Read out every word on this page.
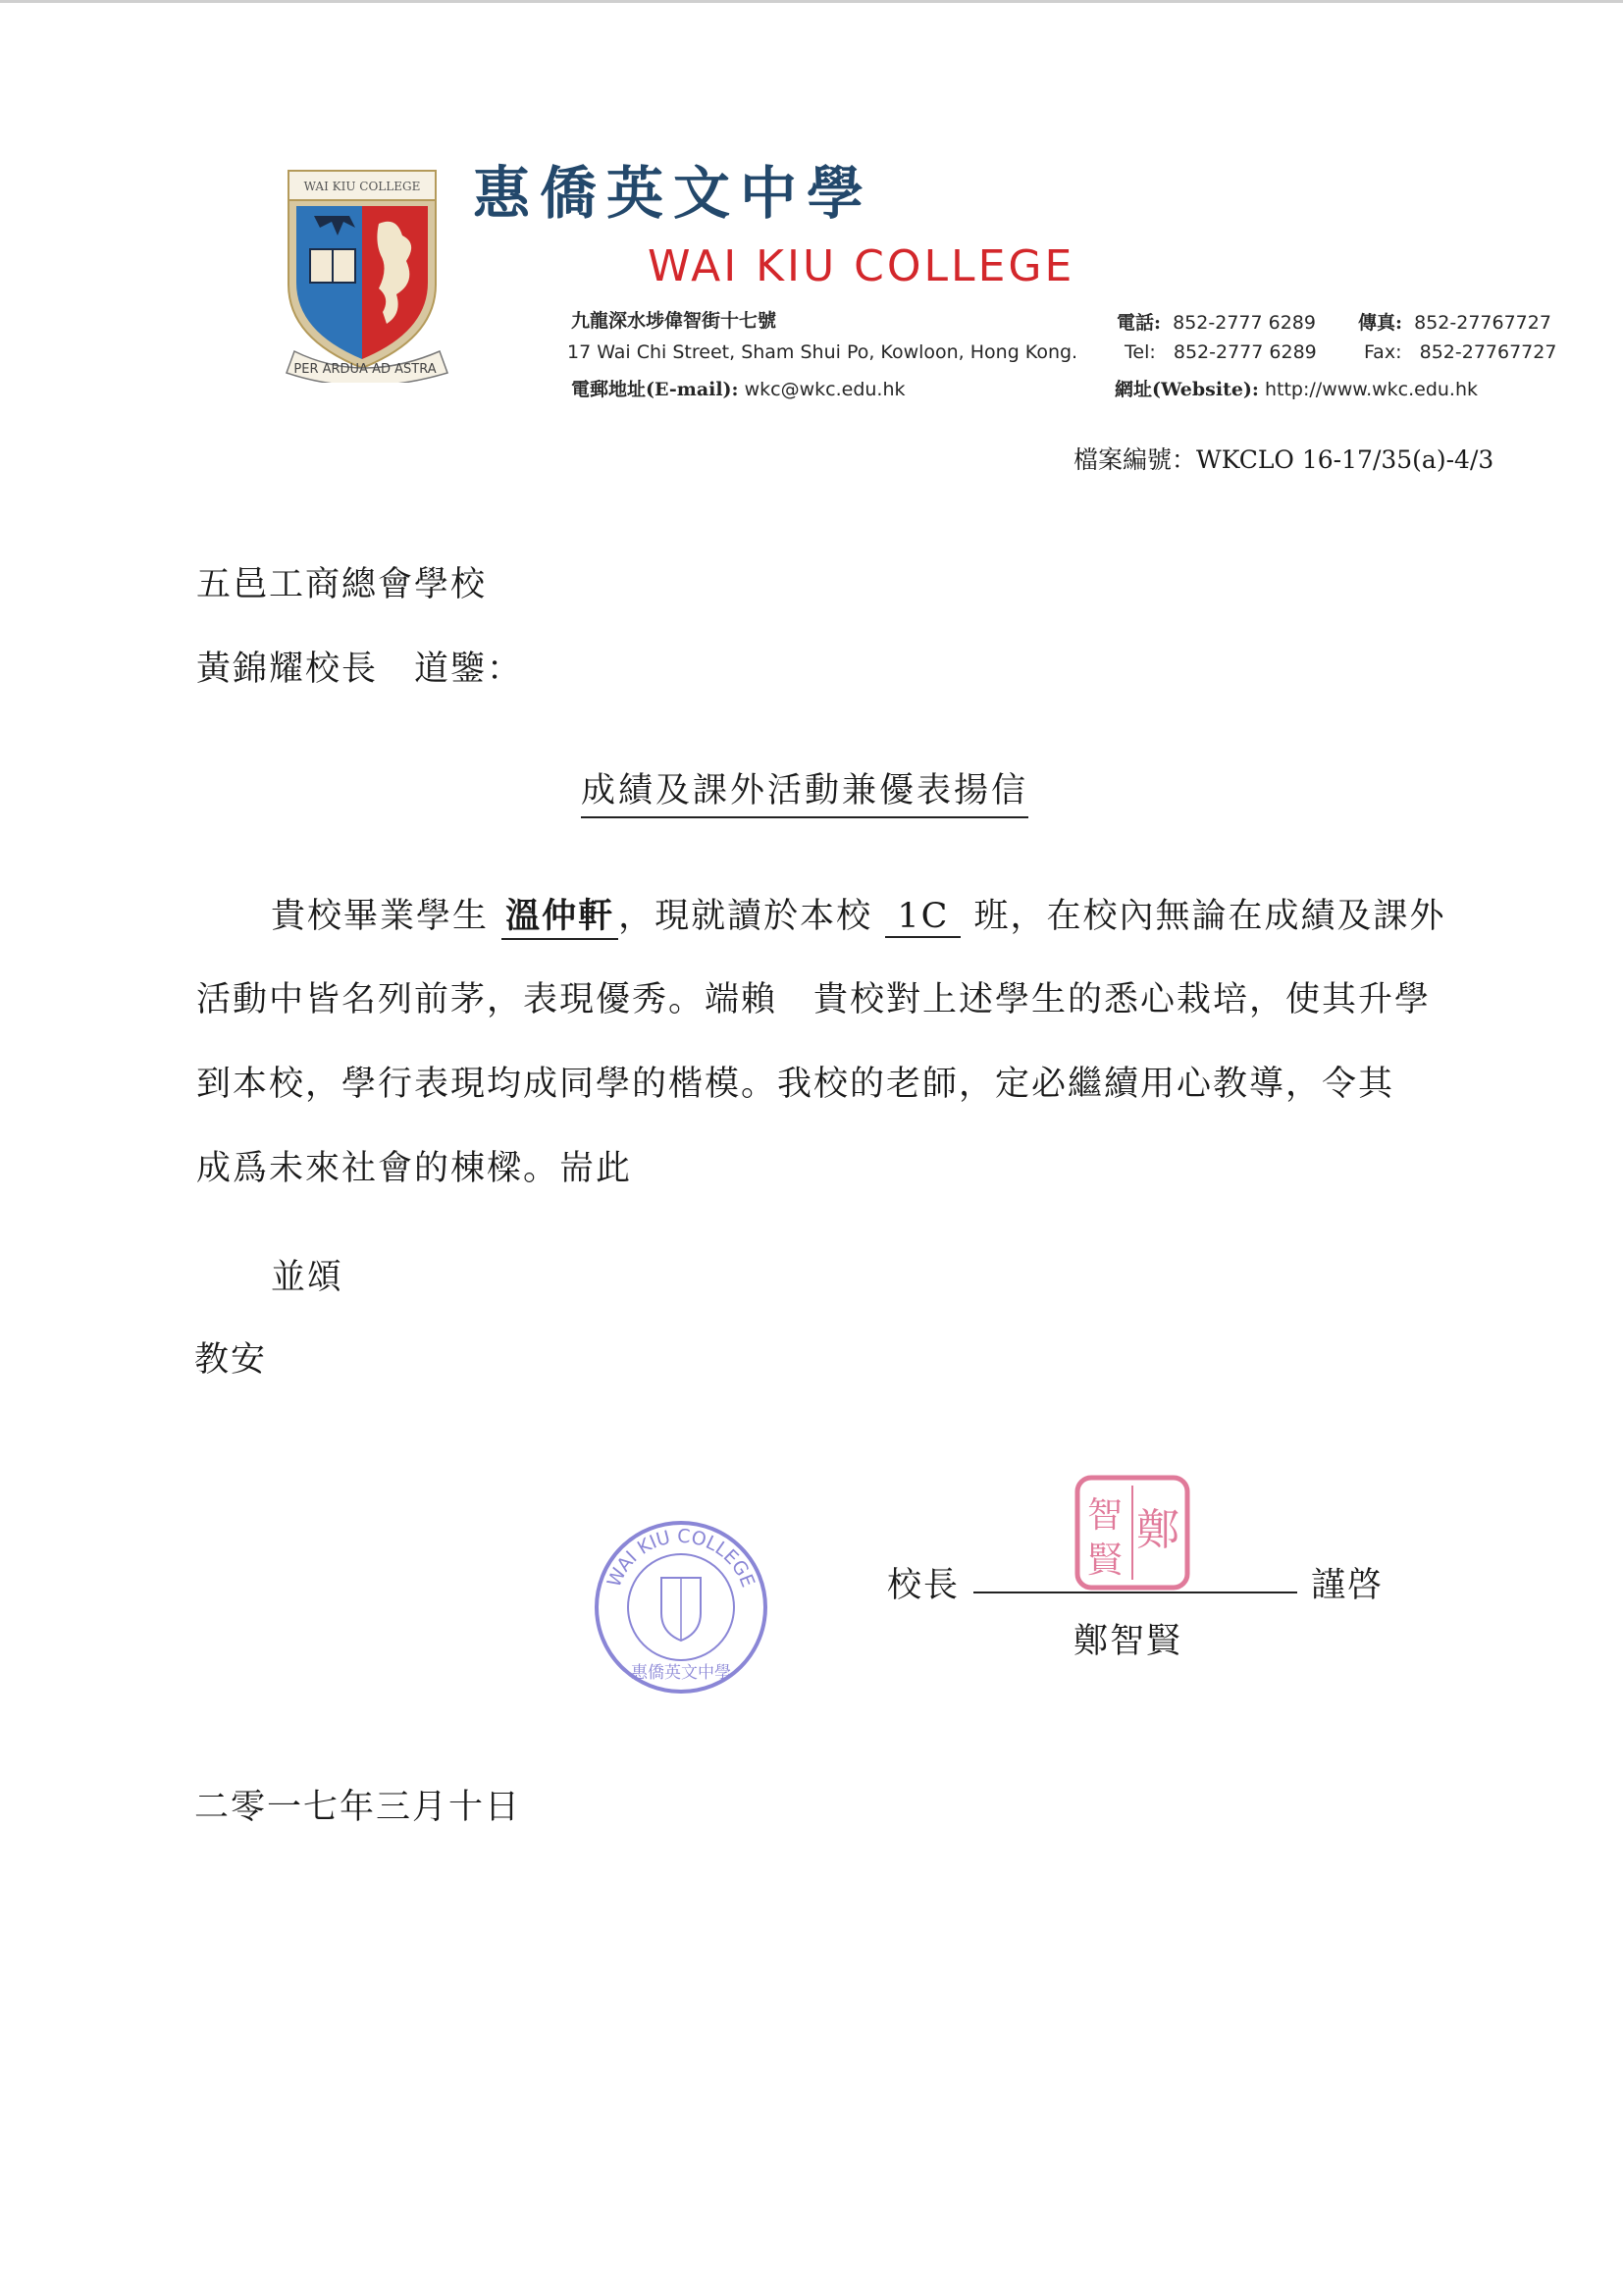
WAI KIU COLLEGE
PER ARDUA AD ASTRA
惠僑英文中學
WAI KIU COLLEGE
九龍深水埗偉智街十七號
17 Wai Chi Street, Sham Shui Po, Kowloon, Hong Kong.
電郵地址(E-mail): wkc@wkc.edu.hk
電話: 852-2777 6289 傳真: 852-27767727
Tel: 852-2777 6289	Fax: 852-27767727
網址(Website): http://www.wkc.edu.hk
檔案編號：WKCLO 16-17/35(a)-4/3
五邑工商總會學校
黃錦耀校長　道鑒：
成績及課外活動兼優表揚信
貴校畢業學生 溫仲軒 ，現就讀於本校 1C 班，在校內無論在成績及課外
活動中皆名列前茅，表現優秀。端賴　貴校對上述學生的悉心栽培，使其升學
到本校，學行表現均成同學的楷模。我校的老師，定必繼續用心教導，令其
成爲未來社會的棟樑。耑此
並頌
教安
WAI KIU COLLEGE
惠僑英文中學
校長	謹啓
鄭智賢
鄭
智
賢
二零一七年三月十日
